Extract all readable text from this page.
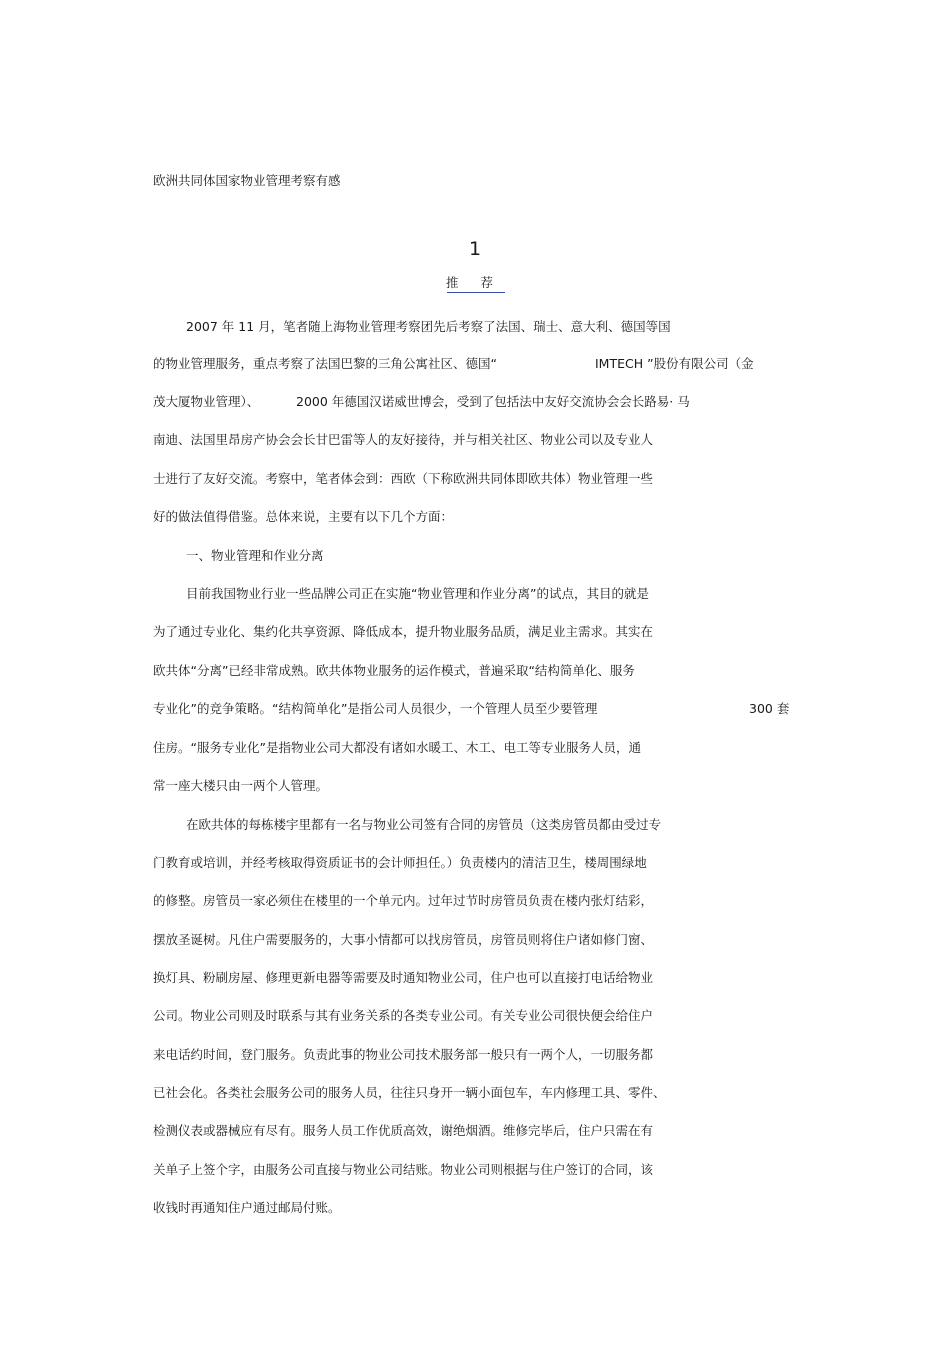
欧洲共同体国家物业管理考察有感
1
推 荐
2007 年 11 月，笔者随上海物业管理考察团先后考察了法国、瑞士、意大利、德国等国
的物业管理服务，重点考察了法国巴黎的三角公寓社区、德国“	IMTECH ”股份有限公司（金
茂大厦物业管理）、	2000 年德国汉诺威世博会，受到了包括法中友好交流协会会长路易· 马
南迪、法国里昂房产协会会长甘巴雷等人的友好接待，并与相关社区、物业公司以及专业人
士进行了友好交流。考察中，笔者体会到：西欧（下称欧洲共同体即欧共体）物业管理一些
好的做法值得借鉴。总体来说，主要有以下几个方面：
一、物业管理和作业分离
目前我国物业行业一些品牌公司正在实施“物业管理和作业分离”的试点，其目的就是
为了通过专业化、集约化共享资源、降低成本，提升物业服务品质，满足业主需求。其实在
欧共体“分离”已经非常成熟。欧共体物业服务的运作模式，普遍采取“结构简单化、服务
专业化”的竞争策略。“结构简单化”是指公司人员很少，一个管理人员至少要管理	300 套
住房。“服务专业化”是指物业公司大都没有诸如水暖工、木工、电工等专业服务人员，通
常一座大楼只由一两个人管理。
在欧共体的每栋楼宇里都有一名与物业公司签有合同的房管员（这类房管员都由受过专
门教育或培训，并经考核取得资质证书的会计师担任。）负责楼内的清洁卫生，楼周围绿地
的修整。房管员一家必须住在楼里的一个单元内。过年过节时房管员负责在楼内张灯结彩，
摆放圣诞树。凡住户需要服务的，大事小情都可以找房管员，房管员则将住户诸如修门窗、
换灯具、粉刷房屋、修理更新电器等需要及时通知物业公司，住户也可以直接打电话给物业
公司。物业公司则及时联系与其有业务关系的各类专业公司。有关专业公司很快便会给住户
来电话约时间，登门服务。负责此事的物业公司技术服务部一般只有一两个人，一切服务都
已社会化。各类社会服务公司的服务人员，往往只身开一辆小面包车，车内修理工具、零件、
检测仪表或器械应有尽有。服务人员工作优质高效，谢绝烟酒。维修完毕后，住户只需在有
关单子上签个字，由服务公司直接与物业公司结账。物业公司则根据与住户签订的合同，该
收钱时再通知住户通过邮局付账。
